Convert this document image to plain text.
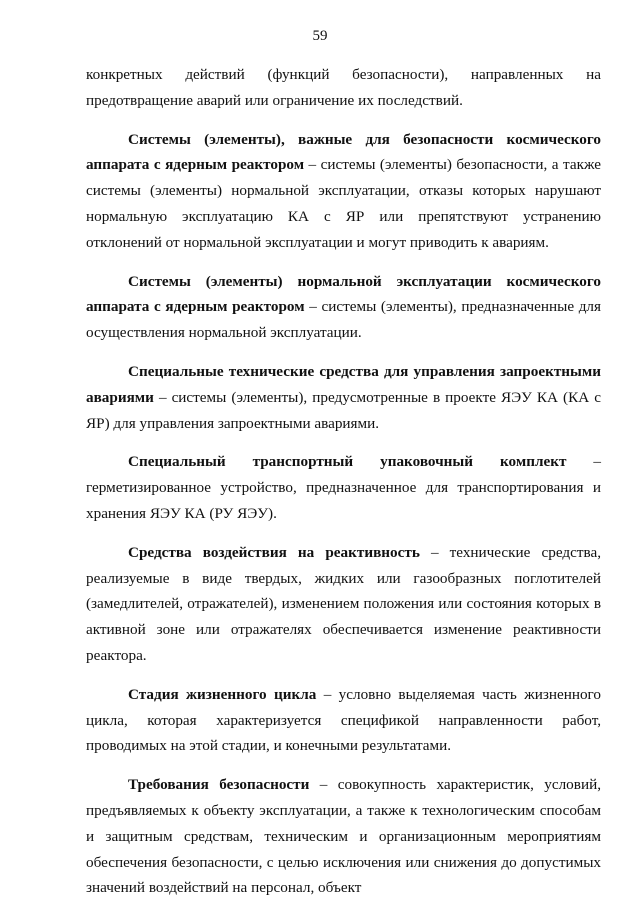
59

конкретных действий (функций безопасности), направленных на предотвращение аварий или ограничение их последствий.

Системы (элементы), важные для безопасности космического аппарата с ядерным реактором – системы (элементы) безопасности, а также системы (элементы) нормальной эксплуатации, отказы которых нарушают нормальную эксплуатацию КА с ЯР или препятствуют устранению отклонений от нормальной эксплуатации и могут приводить к авариям.

Системы (элементы) нормальной эксплуатации космического аппарата с ядерным реактором – системы (элементы), предназначенные для осуществления нормальной эксплуатации.

Специальные технические средства для управления запроектными авариями – системы (элементы), предусмотренные в проекте ЯЭУ КА (КА с ЯР) для управления запроектными авариями.

Специальный транспортный упаковочный комплект – герметизированное устройство, предназначенное для транспортирования и хранения ЯЭУ КА (РУ ЯЭУ).

Средства воздействия на реактивность – технические средства, реализуемые в виде твердых, жидких или газообразных поглотителей (замедлителей, отражателей), изменением положения или состояния которых в активной зоне или отражателях обеспечивается изменение реактивности реактора.

Стадия жизненного цикла – условно выделяемая часть жизненного цикла, которая характеризуется спецификой направленности работ, проводимых на этой стадии, и конечными результатами.

Требования безопасности – совокупность характеристик, условий, предъявляемых к объекту эксплуатации, а также к технологическим способам и защитным средствам, техническим и организационным мероприятиям обеспечения безопасности, с целью исключения или снижения до допустимых значений воздействий на персонал, объект
